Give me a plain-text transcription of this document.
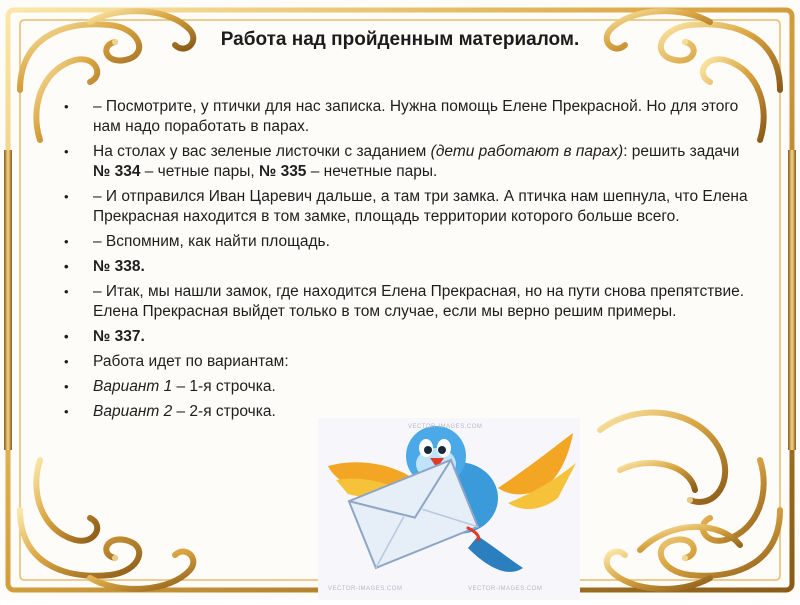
Работа над пройденным материалом.
• – Посмотрите, у птички для нас записка. Нужна помощь Елене Прекрасной. Но для этого нам надо поработать в парах.
• На столах у вас зеленые листочки с заданием (дети работают в парах): решить задачи № 334 – четные пары, № 335 – нечетные пары.
• – И отправился Иван Царевич дальше, а там три замка. А птичка нам шепнула, что Елена Прекрасная находится в том замке, площадь территории которого больше всего.
• – Вспомним, как найти площадь.
• № 338.
• – Итак, мы нашли замок, где находится Елена Прекрасная, но на пути снова препятствие. Елена Прекрасная выйдет только в том случае, если мы верно решим примеры.
• № 337.
• Работа идет по вариантам:
• Вариант 1 – 1-я строчка.
• Вариант 2 – 2-я строчка.
VECTOR-IMAGES.COM
VECTOR-IMAGES.COM	VECTOR-IMAGES.COM
